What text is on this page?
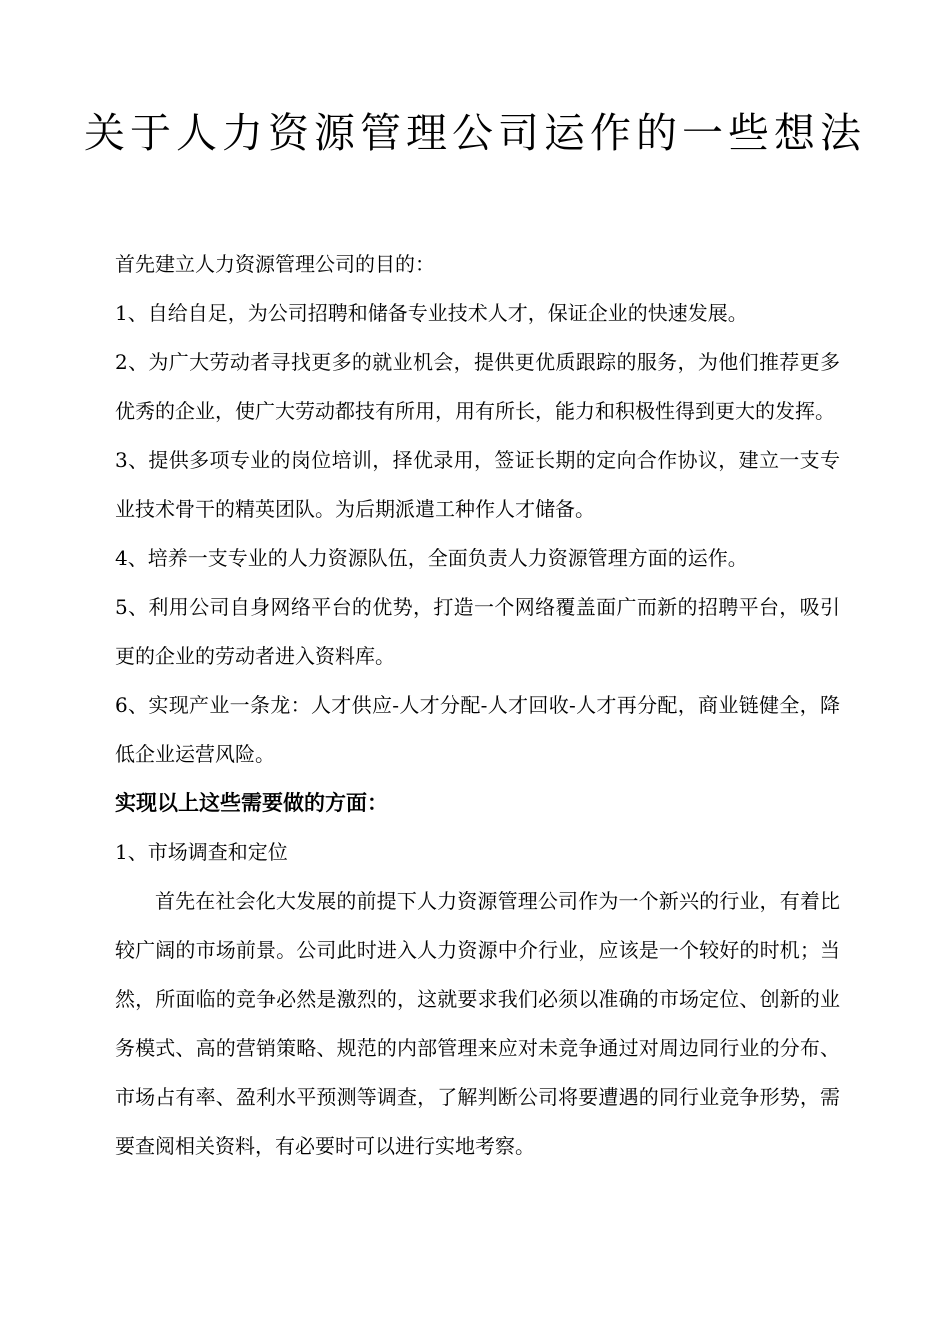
关于人力资源管理公司运作的一些想法

首先建立人力资源管理公司的目的：

1、自给自足，为公司招聘和储备专业技术人才，保证企业的快速发展。

2、为广大劳动者寻找更多的就业机会，提供更优质跟踪的服务，为他们推荐更多优秀的企业，使广大劳动都技有所用，用有所长，能力和积极性得到更大的发挥。

3、提供多项专业的岗位培训，择优录用，签证长期的定向合作协议，建立一支专业技术骨干的精英团队。为后期派遣工种作人才储备。

4、培养一支专业的人力资源队伍，全面负责人力资源管理方面的运作。

5、利用公司自身网络平台的优势，打造一个网络覆盖面广而新的招聘平台，吸引更的企业的劳动者进入资料库。

6、实现产业一条龙：人才供应-人才分配-人才回收-人才再分配，商业链健全，降低企业运营风险。

实现以上这些需要做的方面：

1、市场调查和定位

首先在社会化大发展的前提下人力资源管理公司作为一个新兴的行业，有着比较广阔的市场前景。公司此时进入人力资源中介行业，应该是一个较好的时机；当然，所面临的竞争必然是激烈的，这就要求我们必须以准确的市场定位、创新的业务模式、高的营销策略、规范的内部管理来应对未竞争通过对周边同行业的分布、市场占有率、盈利水平预测等调查，了解判断公司将要遭遇的同行业竞争形势，需要查阅相关资料，有必要时可以进行实地考察。
